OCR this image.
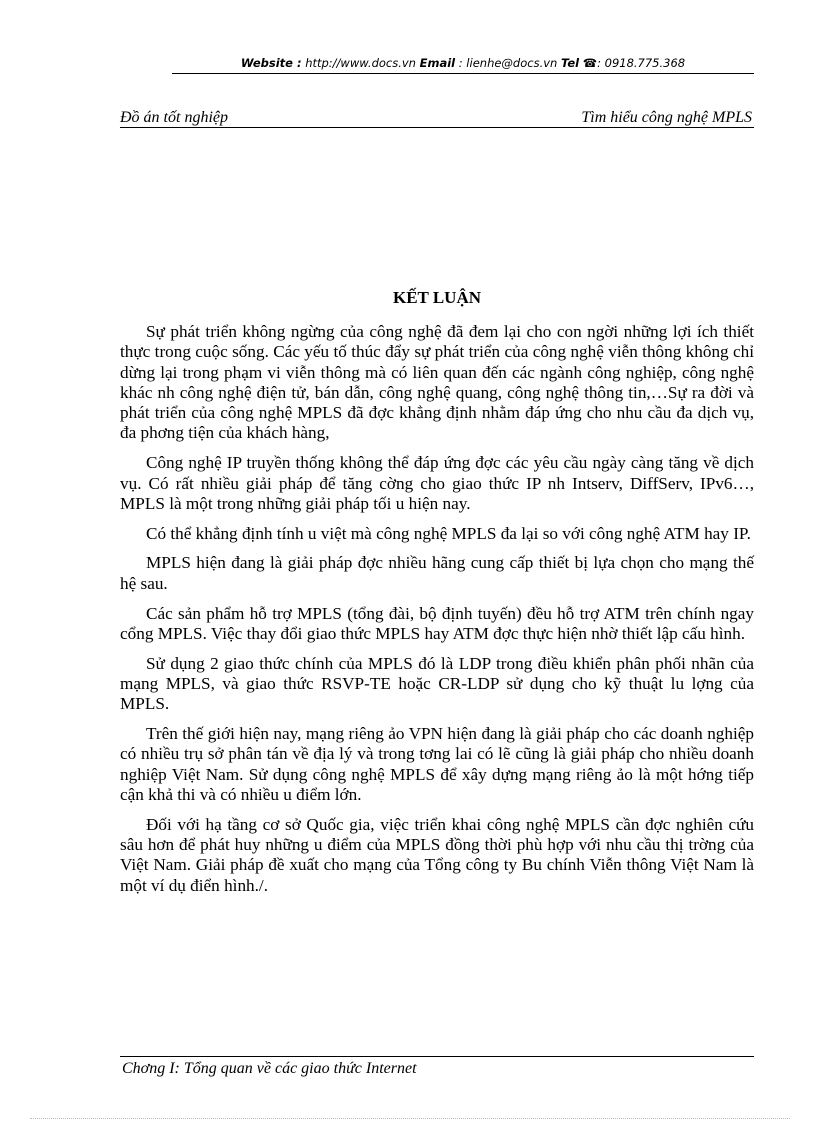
Website : http://www.docs.vn Email : lienhe@docs.vn Tel ☎: 0918.775.368
Đồ án tốt nghiệp	Tìm hiểu công nghệ MPLS
KẾT LUẬN

Sự phát triển không ngừng của công nghệ đã đem lại cho con ngời những lợi ích thiết thực trong cuộc sống. Các yếu tố thúc đẩy sự phát triển của công nghệ viễn thông không chỉ dừng lại trong phạm vi viễn thông mà có liên quan đến các ngành công nghiệp, công nghệ khác nh công nghệ điện tử, bán dẫn, công nghệ quang, công nghệ thông tin,…Sự ra đời và phát triển của công nghệ MPLS đã đợc khẳng định nhằm đáp ứng cho nhu cầu đa dịch vụ, đa phơng tiện của khách hàng,

Công nghệ IP truyền thống không thể đáp ứng đợc các yêu cầu ngày càng tăng về dịch vụ. Có rất nhiều giải pháp để tăng cờng cho giao thức IP nh Intserv, DiffServ, IPv6…, MPLS là một trong những giải pháp tối u hiện nay.

Có thể khẳng định tính u việt mà công nghệ MPLS đa lại so với công nghệ ATM hay IP.

MPLS hiện đang là giải pháp đợc nhiều hãng cung cấp thiết bị lựa chọn cho mạng thế hệ sau.

Các sản phẩm hỗ trợ MPLS (tổng đài, bộ định tuyến) đều hỗ trợ ATM trên chính ngay cổng MPLS. Việc thay đổi giao thức MPLS hay ATM đợc thực hiện nhờ thiết lập cấu hình.

Sử dụng 2 giao thức chính của MPLS đó là LDP trong điều khiển phân phối nhãn của mạng MPLS, và giao thức RSVP-TE hoặc CR-LDP sử dụng cho kỹ thuật lu lợng của MPLS.

Trên thế giới hiện nay, mạng riêng ảo VPN hiện đang là giải pháp cho các doanh nghiệp có nhiều trụ sở phân tán về địa lý và trong tơng lai có lẽ cũng là giải pháp cho nhiều doanh nghiệp Việt Nam. Sử dụng công nghệ MPLS để xây dựng mạng riêng ảo là một hớng tiếp cận khả thi và có nhiều u điểm lớn.

Đối với hạ tầng cơ sở Quốc gia, việc triển khai công nghệ MPLS cần đợc nghiên cứu sâu hơn để phát huy những u điểm của MPLS đồng thời phù hợp với nhu cầu thị trờng của Việt Nam. Giải pháp đề xuất cho mạng của Tổng công ty Bu chính Viễn thông Việt Nam là một ví dụ điển hình./.

Chơng I: Tổng quan về các giao thức Internet
